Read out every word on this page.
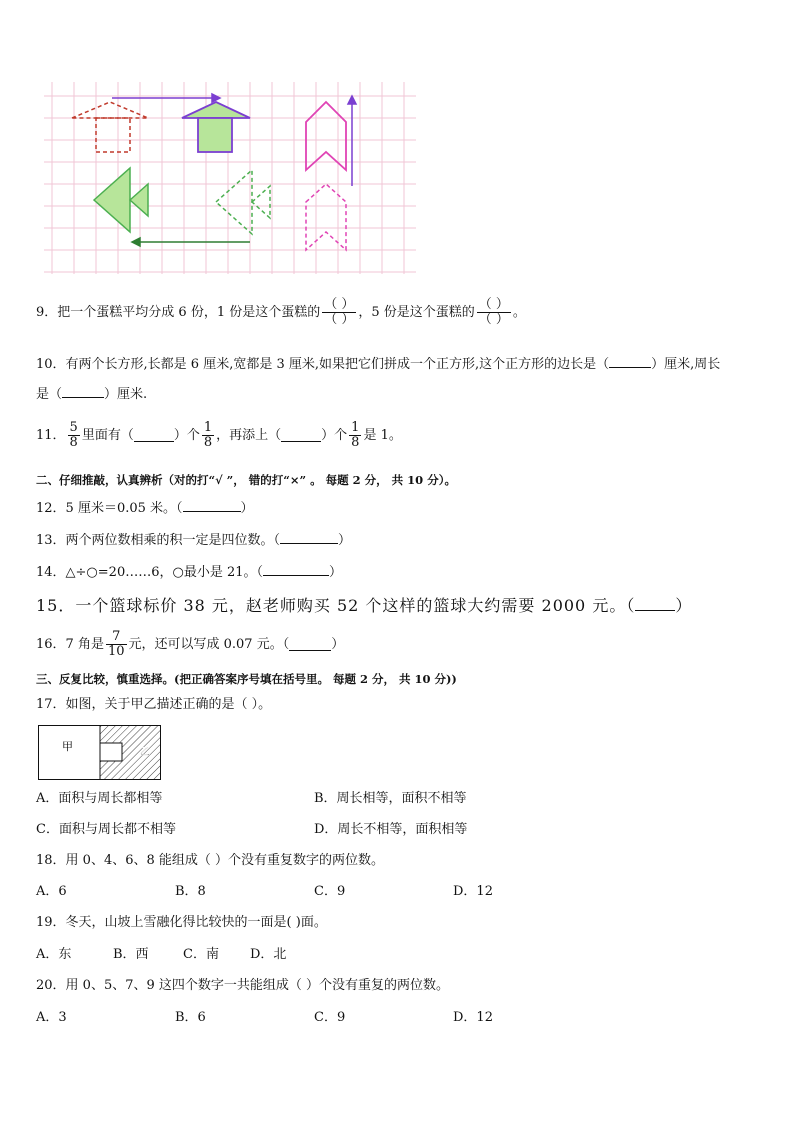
9． 把一个蛋糕平均分成 6 份，1 份是这个蛋糕的 $\frac{( )}{( )}$ ，5 份是这个蛋糕的 $\frac{( )}{( )}$ 。
10．有两个长方形,长都是 6 厘米,宽都是 3 厘米,如果把它们拼成一个正方形,这个正方形的边长是（	）厘米,周长
是（	）厘米.
11． $\frac{5}{8}$ 里面有（	）个 $\frac{1}{8}$ ，再添上（	）个 $\frac{1}{8}$ 是 1。
二、仔细推敲，认真辨析（对的打“√ ”， 错的打“×” 。 每题 2 分， 共 10 分）。
12．5 厘米＝0.05 米。（	）
13．两个两位数相乘的积一定是四位数。（	）
14．△÷○=20……6，○最小是 21。（	）
15．一个篮球标价 38 元，赵老师购买 52 个这样的篮球大约需要 2000 元。（	）
16．7 角是 $\frac{7}{10}$ 元，还可以写成 0.07 元。（	）
三、反复比较，慎重选择。(把正确答案序号填在括号里。 每题 2 分， 共 10 分))
17．如图，关于甲乙描述正确的是（ ）。
甲	乙
A．面积与周长都相等	B．周长相等，面积不相等
C．面积与周长都不相等	D．周长不相等，面积相等
18．用 0、4、6、8 能组成（ ）个没有重复数字的两位数。
A．6	B．8	C．9	D．12
19．冬天，山坡上雪融化得比较快的一面是( )面。
A．东	B．西	C．南 D．北
20．用 0、5、7、9 这四个数字一共能组成（ ）个没有重复的两位数。
A．3	B．6	C．9	D．12
